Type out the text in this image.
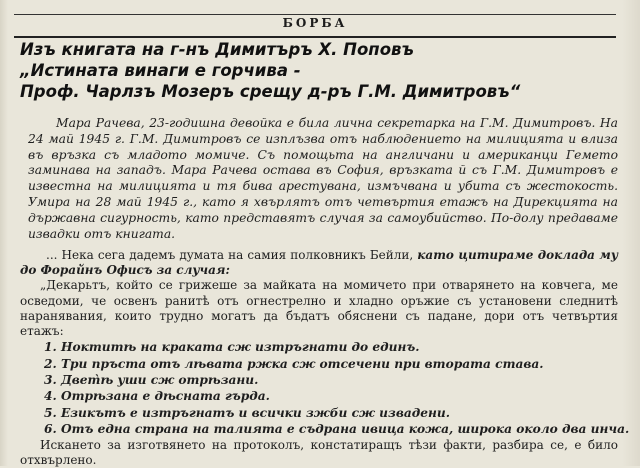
БОРБА
Изъ книгата на г-нъ Димитъръ Х. Поповъ
„Истината винаги е горчива -
Проф. Чарлзъ Мозеръ срещу д-ръ Г.М. Димитровъ“
Мара Рачева, 23-годишна девойка е била лична секретарка на Г.М. Димитровъ. На 24 май 1945 г. Г.М. Димитровъ се изплъзва отъ наблюдението на милицията и влиза въ връзка съ младото момиче. Съ помощьта на англичани и американци Гемето заминава на западъ. Мара Рачева остава въ София, връзката й съ Г.М. Димитровъ е известна на милицията и тя бива арестувана, измъчвана и убита съ жестокость. Умира на 28 май 1945 г., като я хвърлятъ отъ четвъртия етажъ на Дирекцията на държавна сигурность, като представятъ случая за самоубийство. По-долу предаваме извадки отъ книгата.

... Нека сега дадемъ думата на самия полковникъ Бейли, като цитираме доклада му до Форайнъ Офисъ за случая:

„Декарьтъ, който се грижеше за майката на момичето при отварянето на ковчега, ме осведоми, че освенъ ранитѣ отъ огнестрелно и хладно оръжие съ установени следнитѣ наранявания, които трудно могатъ да бъдатъ обяснени съ падане, дори отъ четвъртия етажъ:

1. Ноктитѣ на краката сж изтръгнати до единъ.
2. Три пръста отъ лѣвата ржка сж отсечени при втората става.
3. Двет̀ѣ уши сж отрѣзани.
4. Отрѣзана е дѣсната гърда.
5. Езикътъ е изтръгнатъ и всички зжби сж извадени.
6. Отъ една страна на талията е съдрана ивица кожа, широка около два инча.

Искането за изготвянето на протоколъ, констатиращъ тѣзи факти, разбира се, е било отхвърлено.
